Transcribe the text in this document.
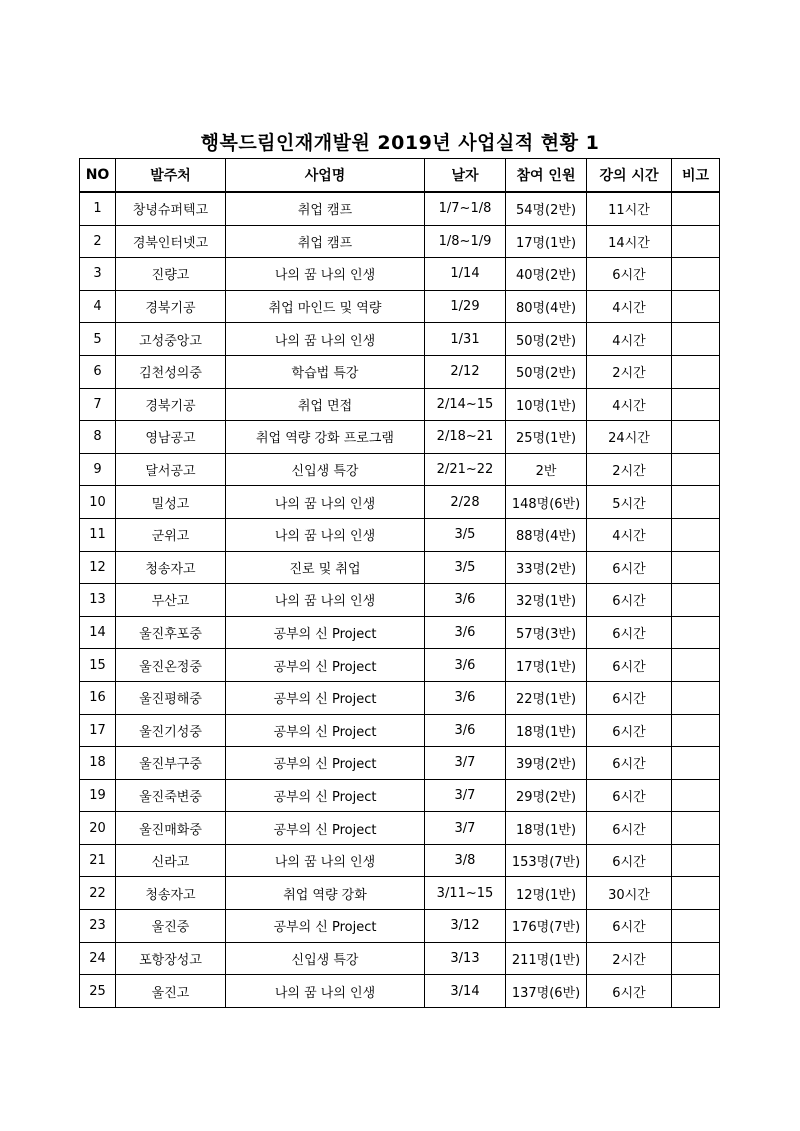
행복드림인재개발원 2019년 사업실적 현황 1
NO	발주처	사업명	날자	참여 인원	강의 시간	비고
1	창녕슈퍼텍고	취업 캠프	1/7~1/8	54명(2반)	11시간	
2	경북인터넷고	취업 캠프	1/8~1/9	17명(1반)	14시간	
3	진량고	나의 꿈 나의 인생	1/14	40명(2반)	6시간	
4	경북기공	취업 마인드 및 역량	1/29	80명(4반)	4시간	
5	고성중앙고	나의 꿈 나의 인생	1/31	50명(2반)	4시간	
6	김천성의중	학습법 특강	2/12	50명(2반)	2시간	
7	경북기공	취업 면접	2/14~15	10명(1반)	4시간	
8	영남공고	취업 역량 강화 프로그램	2/18~21	25명(1반)	24시간	
9	달서공고	신입생 특강	2/21~22	2반	2시간	
10	밀성고	나의 꿈 나의 인생	2/28	148명(6반)	5시간	
11	군위고	나의 꿈 나의 인생	3/5	88명(4반)	4시간	
12	청송자고	진로 및 취업	3/5	33명(2반)	6시간	
13	무산고	나의 꿈 나의 인생	3/6	32명(1반)	6시간	
14	울진후포중	공부의 신 Project	3/6	57명(3반)	6시간	
15	울진온정중	공부의 신 Project	3/6	17명(1반)	6시간	
16	울진평해중	공부의 신 Project	3/6	22명(1반)	6시간	
17	울진기성중	공부의 신 Project	3/6	18명(1반)	6시간	
18	울진부구중	공부의 신 Project	3/7	39명(2반)	6시간	
19	울진죽변중	공부의 신 Project	3/7	29명(2반)	6시간	
20	울진매화중	공부의 신 Project	3/7	18명(1반)	6시간	
21	신라고	나의 꿈 나의 인생	3/8	153명(7반)	6시간	
22	청송자고	취업 역량 강화	3/11~15	12명(1반)	30시간	
23	울진중	공부의 신 Project	3/12	176명(7반)	6시간	
24	포항장성고	신입생 특강	3/13	211명(1반)	2시간	
25	울진고	나의 꿈 나의 인생	3/14	137명(6반)	6시간	
